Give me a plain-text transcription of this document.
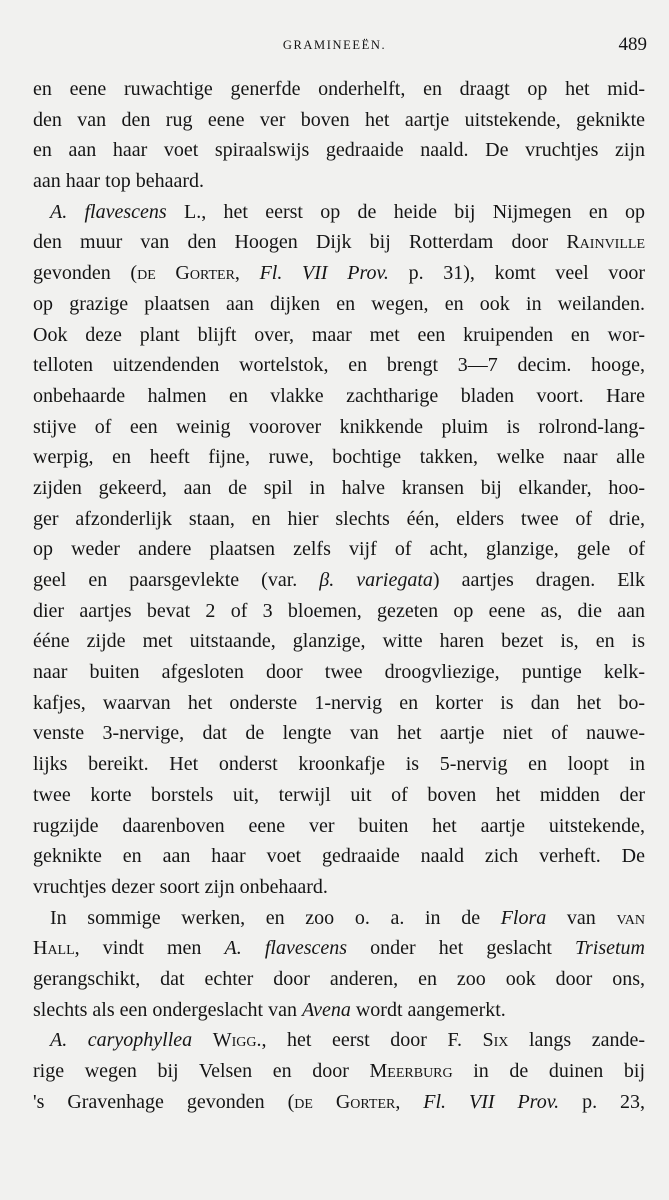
GRAMINEEËN.	489
en eene ruwachtige generfde onderhelft, en draagt op het mid-
den van den rug eene ver boven het aartje uitstekende, geknikte
en aan haar voet spiraalswijs gedraaide naald. De vruchtjes zijn
aan haar top behaard.
A. flavescens L., het eerst op de heide bij Nijmegen en op
den muur van den Hoogen Dijk bij Rotterdam door Rainville
gevonden (de Gorter, Fl. VII Prov. p. 31), komt veel voor
op grazige plaatsen aan dijken en wegen, en ook in weilanden.
Ook deze plant blijft over, maar met een kruipenden en wor-
telloten uitzendenden wortelstok, en brengt 3—7 decim. hooge,
onbehaarde halmen en vlakke zachtharige bladen voort. Hare
stijve of een weinig voorover knikkende pluim is rolrond-lang-
werpig, en heeft fijne, ruwe, bochtige takken, welke naar alle
zijden gekeerd, aan de spil in halve kransen bij elkander, hoo-
ger afzonderlijk staan, en hier slechts één, elders twee of drie,
op weder andere plaatsen zelfs vijf of acht, glanzige, gele of
geel en paarsgevlekte (var. β. variegata) aartjes dragen. Elk
dier aartjes bevat 2 of 3 bloemen, gezeten op eene as, die aan
ééne zijde met uitstaande, glanzige, witte haren bezet is, en is
naar buiten afgesloten door twee droogvliezige, puntige kelk-
kafjes, waarvan het onderste 1-nervig en korter is dan het bo-
venste 3-nervige, dat de lengte van het aartje niet of nauwe-
lijks bereikt. Het onderst kroonkafje is 5-nervig en loopt in
twee korte borstels uit, terwijl uit of boven het midden der
rugzijde daarenboven eene ver buiten het aartje uitstekende,
geknikte en aan haar voet gedraaide naald zich verheft. De
vruchtjes dezer soort zijn onbehaard.
In sommige werken, en zoo o. a. in de Flora van van
Hall, vindt men A. flavescens onder het geslacht Trisetum
gerangschikt, dat echter door anderen, en zoo ook door ons,
slechts als een ondergeslacht van Avena wordt aangemerkt.
A. caryophyllea Wigg., het eerst door F. Six langs zande-
rige wegen bij Velsen en door Meerburg in de duinen bij
's Gravenhage gevonden (de Gorter, Fl. VII Prov. p. 23,
